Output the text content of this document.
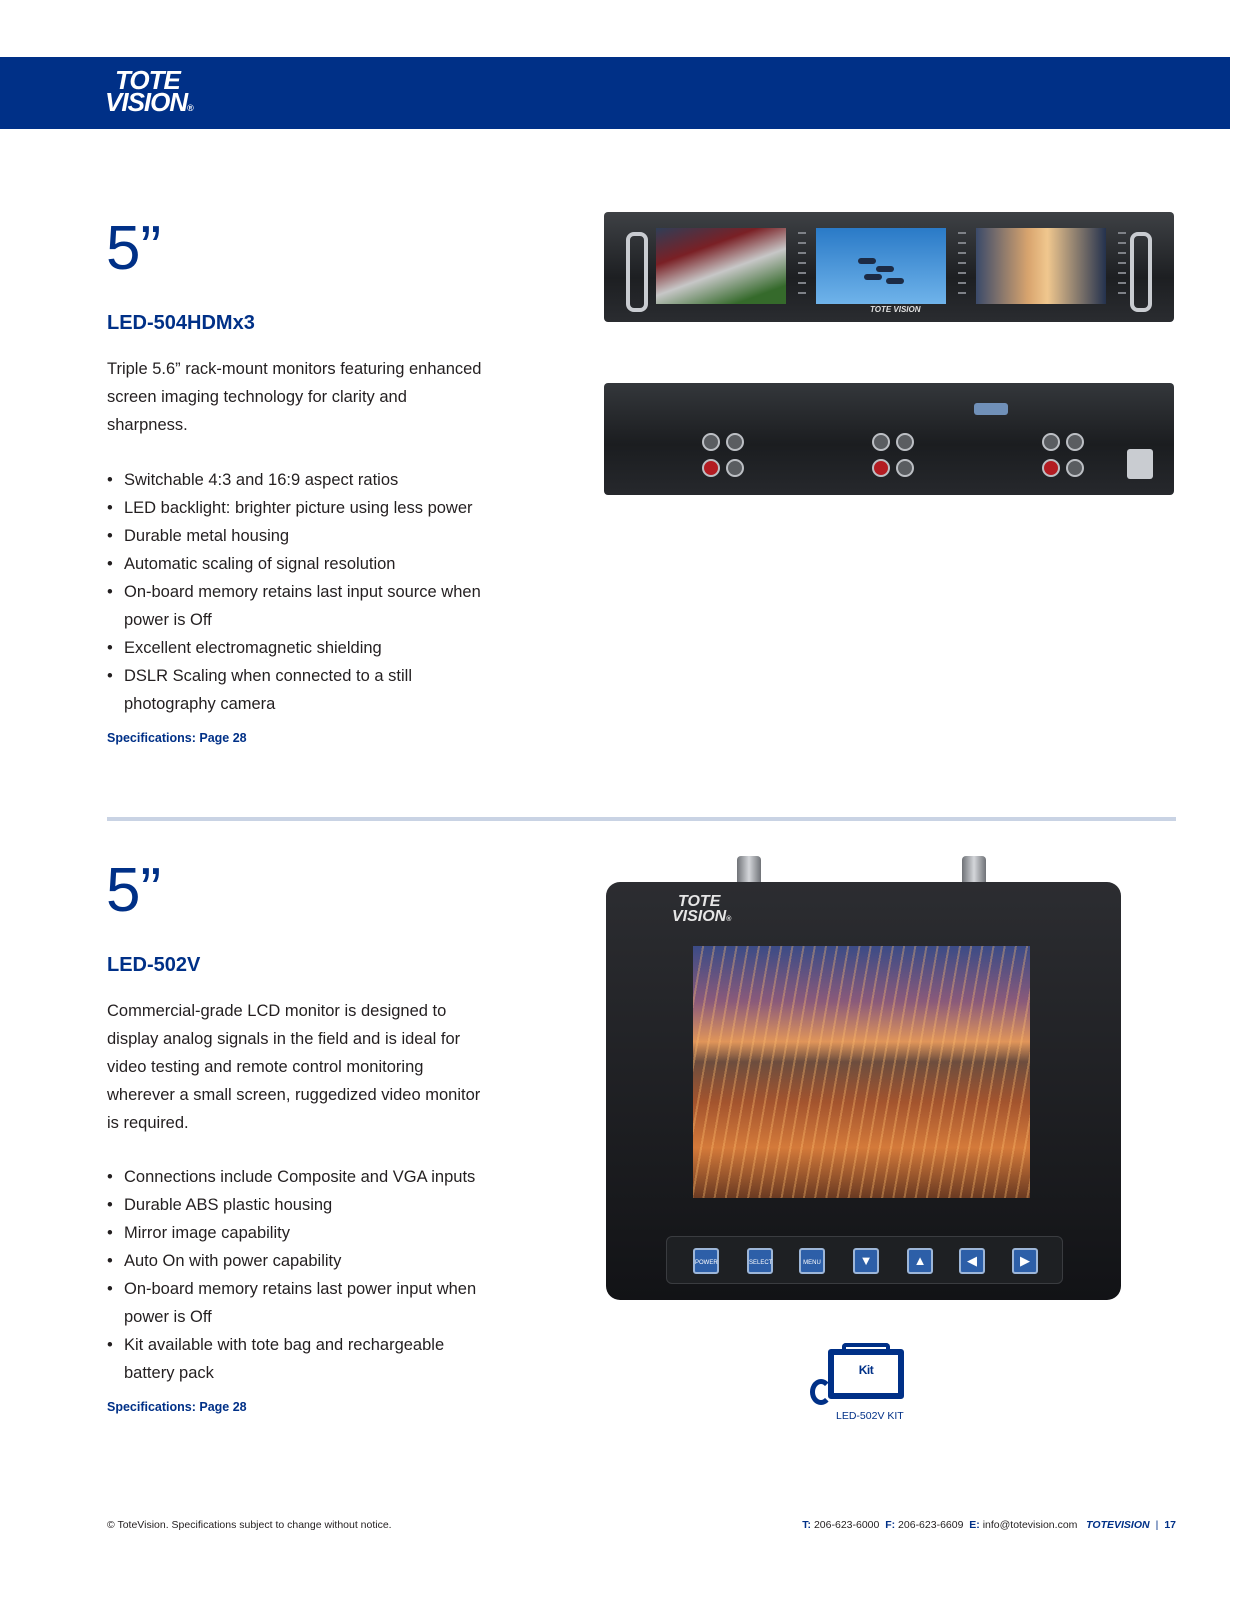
TOTE
VISION®
5”
LED-504HDMx3

Triple 5.6” rack-mount monitors featuring enhanced screen imaging technology for clarity and sharpness.

• Switchable 4:3 and 16:9 aspect ratios
• LED backlight: brighter picture using less power
• Durable metal housing
• Automatic scaling of signal resolution
• On-board memory retains last input source when power is Off
• Excellent electromagnetic shielding
• DSLR Scaling when connected to a still photography camera
Specifications: Page 28
TOTE VISION
5”
LED-502V

Commercial-grade LCD monitor is designed to display analog signals in the field and is ideal for video testing and remote control monitoring wherever a small screen, ruggedized video monitor is required.

• Connections include Composite and VGA inputs
• Durable ABS plastic housing
• Mirror image capability
• Auto On with power capability
• On-board memory retains last power input when power is Off
• Kit available with tote bag and rechargeable battery pack
Specifications: Page 28
TOTE
VISION®
POWER	SELECT	MENU	▼	▲	◀	▶
Kit
LED-502V KIT
© ToteVision. Specifications subject to change without notice.	T: 206-623-6000 F: 206-623-6609 E: info@totevision.com TOTEVISION | 17
